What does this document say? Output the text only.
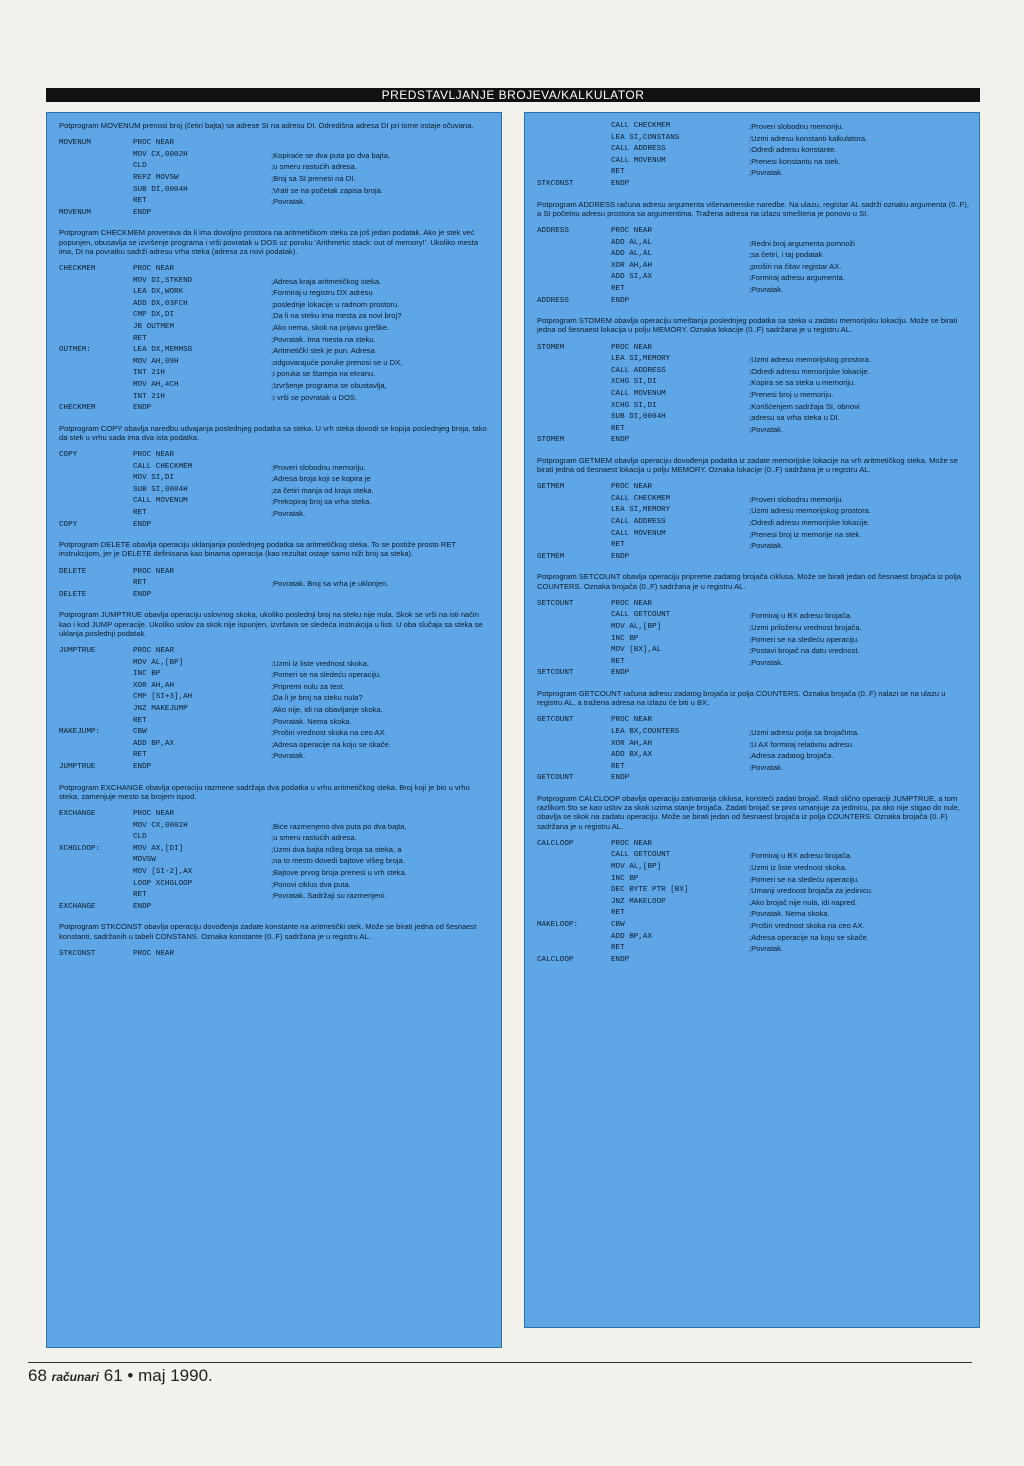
PREDSTAVLJANJE BROJEVA/KALKULATOR
Potprogram MOVENUM prenosi broj (četiri bajta) sa adrese SI na adresu DI. Odredišna adresa DI pri tome ostaje očuvana.
MOVENUM	PROC NEAR
MOV CX,0002H	;Kopiraće se dva puta po dva bajta,
CLD	;u smeru rastućih adresa.
REPZ MOVSW	;Broj sa SI prenesi na DI.
SUB DI,0004H	;Vrati se na početak zapisa broja.
RET	;Povratak.
MOVENUM	ENDP
Potprogram CHECKMEM proverava da li ima dovoljno prostora na aritmetičkom steku za još jedan podatak. Ako je stek već popunjen, obusavlja se izvršenje programa i vrši povratak u DOS uz poruku 'Arithmetic stack: out of memory!'. Ukoliko mesta ima, DI na povratku sadrži adresu vrha steka (adresa za novi podatak).
CHECKMEM	PROC NEAR
MOV DI,STKEND	;Adresa kraja aritmetičkog steka.
LEA DX,WORK	;Formiraj u registru DX adresu
ADD DX,03FCH	;poslednje lokacije u radnom prostoru.
CMP DX,DI	;Da li na steku ima mesta za novi broj?
JB OUTMEM	;Ako nema, skok na prijavu greške.
RET	;Povratak. Ima mesta na steku.
OUTMEM:	LEA DX,MEMMSG	;Aritmetički stek je pun. Adresa
MOV AH,09H	;odgovarajuće poruke prenosi se u DX,
INT 21H	;i poruka se štampa na ekranu.
MOV AH,4CH	;Izvršenje programa se obustavlja,
INT 21H	;i vrši se povratak u DOS.
CHECKMEM	ENDP
Potprogram COPY obavlja naredbu udvajanja poslednjeg podatka sa steka. U vrh steka dovodi se kopija poslednjeg broja, tako da stek u vrhu sada ima dva ista podatka.
COPY	PROC NEAR
CALL CHECKMEM	;Proveri slobodnu memoriju.
MOV SI,DI	;Adresa broja koji se kopira je
SUB SI,0004H	;za četiri manja od kraja steka.
CALL MOVENUM	;Prekopiraj broj sa vrha steka.
RET	;Povratak.
COPY	ENDP
Potprogram DELETE obavlja operaciju uklanjanja poslednjeg podatka sa aritmetičkog steka. To se postiže prosto RET instrukcijom, jer je DELETE definisana kao binarna operacija (kao rezultat ostaje samo niži broj sa steka).
DELETE	PROC NEAR
RET	;Povratak. Broj sa vrha je uklonjen.
DELETE	ENDP
Potprogram JUMPTRUE obavlja operaciju uslovnog skoka, ukoliko poslednji broj na steku nije nula. Skok se vrši na isti način kao i kod JUMP operacije. Ukoliko uslov za skok nije ispunjen, izvršava se sledeća instrukcija u listi. U oba slučaja sa steka se uklanja poslednji podatak.
JUMPTRUE	PROC NEAR
MOV AL,[BP]	;Uzmi iz liste vrednost skoka.
INC BP	;Pomeri se na sledeću operaciju.
XOR AH,AH	;Pripremi nulu za test.
CMP [SI+3],AH	;Da li je broj na steku nula?
JNZ MAKEJUMP	;Ako nije, idi na obavljanje skoka.
RET	;Povratak. Nema skoka.
MAKEJUMP:	CBW	;Proširi vrednost skoka na ceo AX.
ADD BP,AX	;Adresa operacije na koju se skače.
RET	;Povratak.
JUMPTRUE	ENDP
Potprogram EXCHANGE obavlja operaciju razmene sadržaja dva podatka u vrhu aritmetičkog steka. Broj koji je bio u vrhu steka, zamenjuje mesto sa brojem ispod.
EXCHANGE	PROC NEAR
MOV CX,0002H	;Biće razmenjeno dva puta po dva bajta,
CLD	;u smeru rastućih adresa.
XCHGLOOP:	MOV AX,[DI]	;Uzmi dva bajta nižeg broja sa steka, a
MOVSW	;na to mesto dovedi bajtove višeg broja.
MOV [SI-2],AX	;Bajtove prvog broja prenesi u vrh steka.
LOOP XCHGLOOP	;Ponovi ciklus dva puta.
RET	;Povratak. Sadržaji su razmenjeni.
EXCHANGE	ENDP
Potprogram STKCONST obavlja operaciju dovođenja zadate konstante na aritmetički stek. Može se birati jedna od šesnaest konstanti, sadržanih u tabeli CONSTANS. Oznaka konstante (0..F) sadržana je u registru AL.
STKCONST	PROC NEAR
CALL CHECKMEM	;Proveri slobodnu memoriju.
LEA SI,CONSTANS	;Uzmi adresu konstanti kalkulatora.
CALL ADDRESS	;Odredi adresu konstante.
CALL MOVENUM	;Prenesi konstantu na stek.
RET	;Povratak.
STKCONST	ENDP
Potprogram ADDRESS računa adresu argumenta višenamenske naredbe. Na ulazu, registar AL sadrži oznaku argumenta (0..F), a SI početnu adresu prostora sa argumentima. Tražena adresa na izlazu smeštena je ponovo u SI.
ADDRESS	PROC NEAR
ADD AL,AL	;Redni broj argumenta pomnoži
ADD AL,AL	;sa četiri, i taj podatak
XOR AH,AH	;proširi na čitav registar AX.
ADD SI,AX	;Formiraj adresu argumenta.
RET	;Povratak.
ADDRESS	ENDP
Potprogram STOMEM obavlja operaciju smeštanja poslednjeg podatka sa steka u zadatu memorijsku lokaciju. Može se birati jedna od šesnaest lokacija u polju MEMORY. Oznaka lokacije (0..F) sadržana je u registru AL.
STOMEM	PROC NEAR
LEA SI,MEMORY	;Uzmi adresu memorijskog prostora.
CALL ADDRESS	;Odredi adresu memorijske lokacije.
XCHG SI,DI	;Kopira se sa steka u memoriju.
CALL MOVENUM	;Prenesi broj u memoriju.
XCHG SI,DI	;Korišćenjem sadržaja SI, obnovi
SUB DI,0004H	;adresu sa vrha steka u DI.
RET	;Povratak.
STOMEM	ENDP
Potprogram GETMEM obavlja operaciju dovođenja podatka iz zadate memorijske lokacije na vrh aritmetičkog steka. Može se birati jedna od šesnaest lokacija u polju MEMORY. Oznaka lokacije (0..F) sadržana je u registru AL.
GETMEM	PROC NEAR
CALL CHECKMEM	;Proveri slobodnu memoriju.
LEA SI,MEMORY	;Uzmi adresu memorijskog prostora.
CALL ADDRESS	;Odredi adresu memorijske lokacije.
CALL MOVENUM	;Prenesi broj iz memorije na stek.
RET	;Povratak.
GETMEM	ENDP
Potprogram SETCOUNT obavlja operaciju pripreme zadatog brojača ciklusa. Može se birati jedan od šesnaest brojača iz polja COUNTERS. Oznaka brojača (0..F) sadržana je u registru AL.
SETCOUNT	PROC NEAR
CALL GETCOUNT	;Formiraj u BX adresu brojača.
MOV AL,[BP]	;Uzmi priloženu vrednost brojača.
INC BP	;Pomeri se na sledeću operaciju.
MOV [BX],AL	;Postavi brojač na datu vrednost.
RET	;Povratak.
SETCOUNT	ENDP
Potprogram GETCOUNT računa adresu zadatog brojača iz polja COUNTERS. Oznaka brojača (0..F) nalazi se na ulazu u registru AL, a tražena adresa na izlazu će biti u BX.
GETCOUNT	PROC NEAR
LEA BX,COUNTERS	;Uzmi adresu polja sa brojačima.
XOR AH,AH	;U AX formiraj relativnu adresu.
ADD BX,AX	;Adresa zadatog brojača.
RET	;Povratak.
GETCOUNT	ENDP
Potprogram CALCLOOP obavlja operaciju zatvaranja ciklusa, koristeći zadati brojač. Radi slično operaciji JUMPTRUE, a tom razlikom što se kao uslov za skok uzima stanje brojača. Zadati brojač se prvo umanjuje za jedinicu, pa ako nije stigao do nule, obavlja se skok na zadatu operaciju. Može se birati jedan od šesnaest brojača iz polja COUNTERS. Oznaka brojača (0..F) sadržana je u registru AL.
CALCLOOP	PROC NEAR
CALL GETCOUNT	;Formiraj u BX adresu brojača.
MOV AL,[BP]	;Uzmi iz liste vrednost skoka.
INC BP	;Pomeri se na sledeću operaciju.
DEC BYTE PTR [BX]	;Umanji vrednost brojača za jedinicu.
JNZ MAKELOOP	;Ako brojač nije nula, idi napred.
RET	;Povratak. Nema skoka.
MAKELOOP:	CBW	;Proširi vrednost skoka na ceo AX.
ADD BP,AX	;Adresa operacije na koju se skače.
RET	;Povratak.
CALCLOOP	ENDP
68 računari 61 • maj 1990.
